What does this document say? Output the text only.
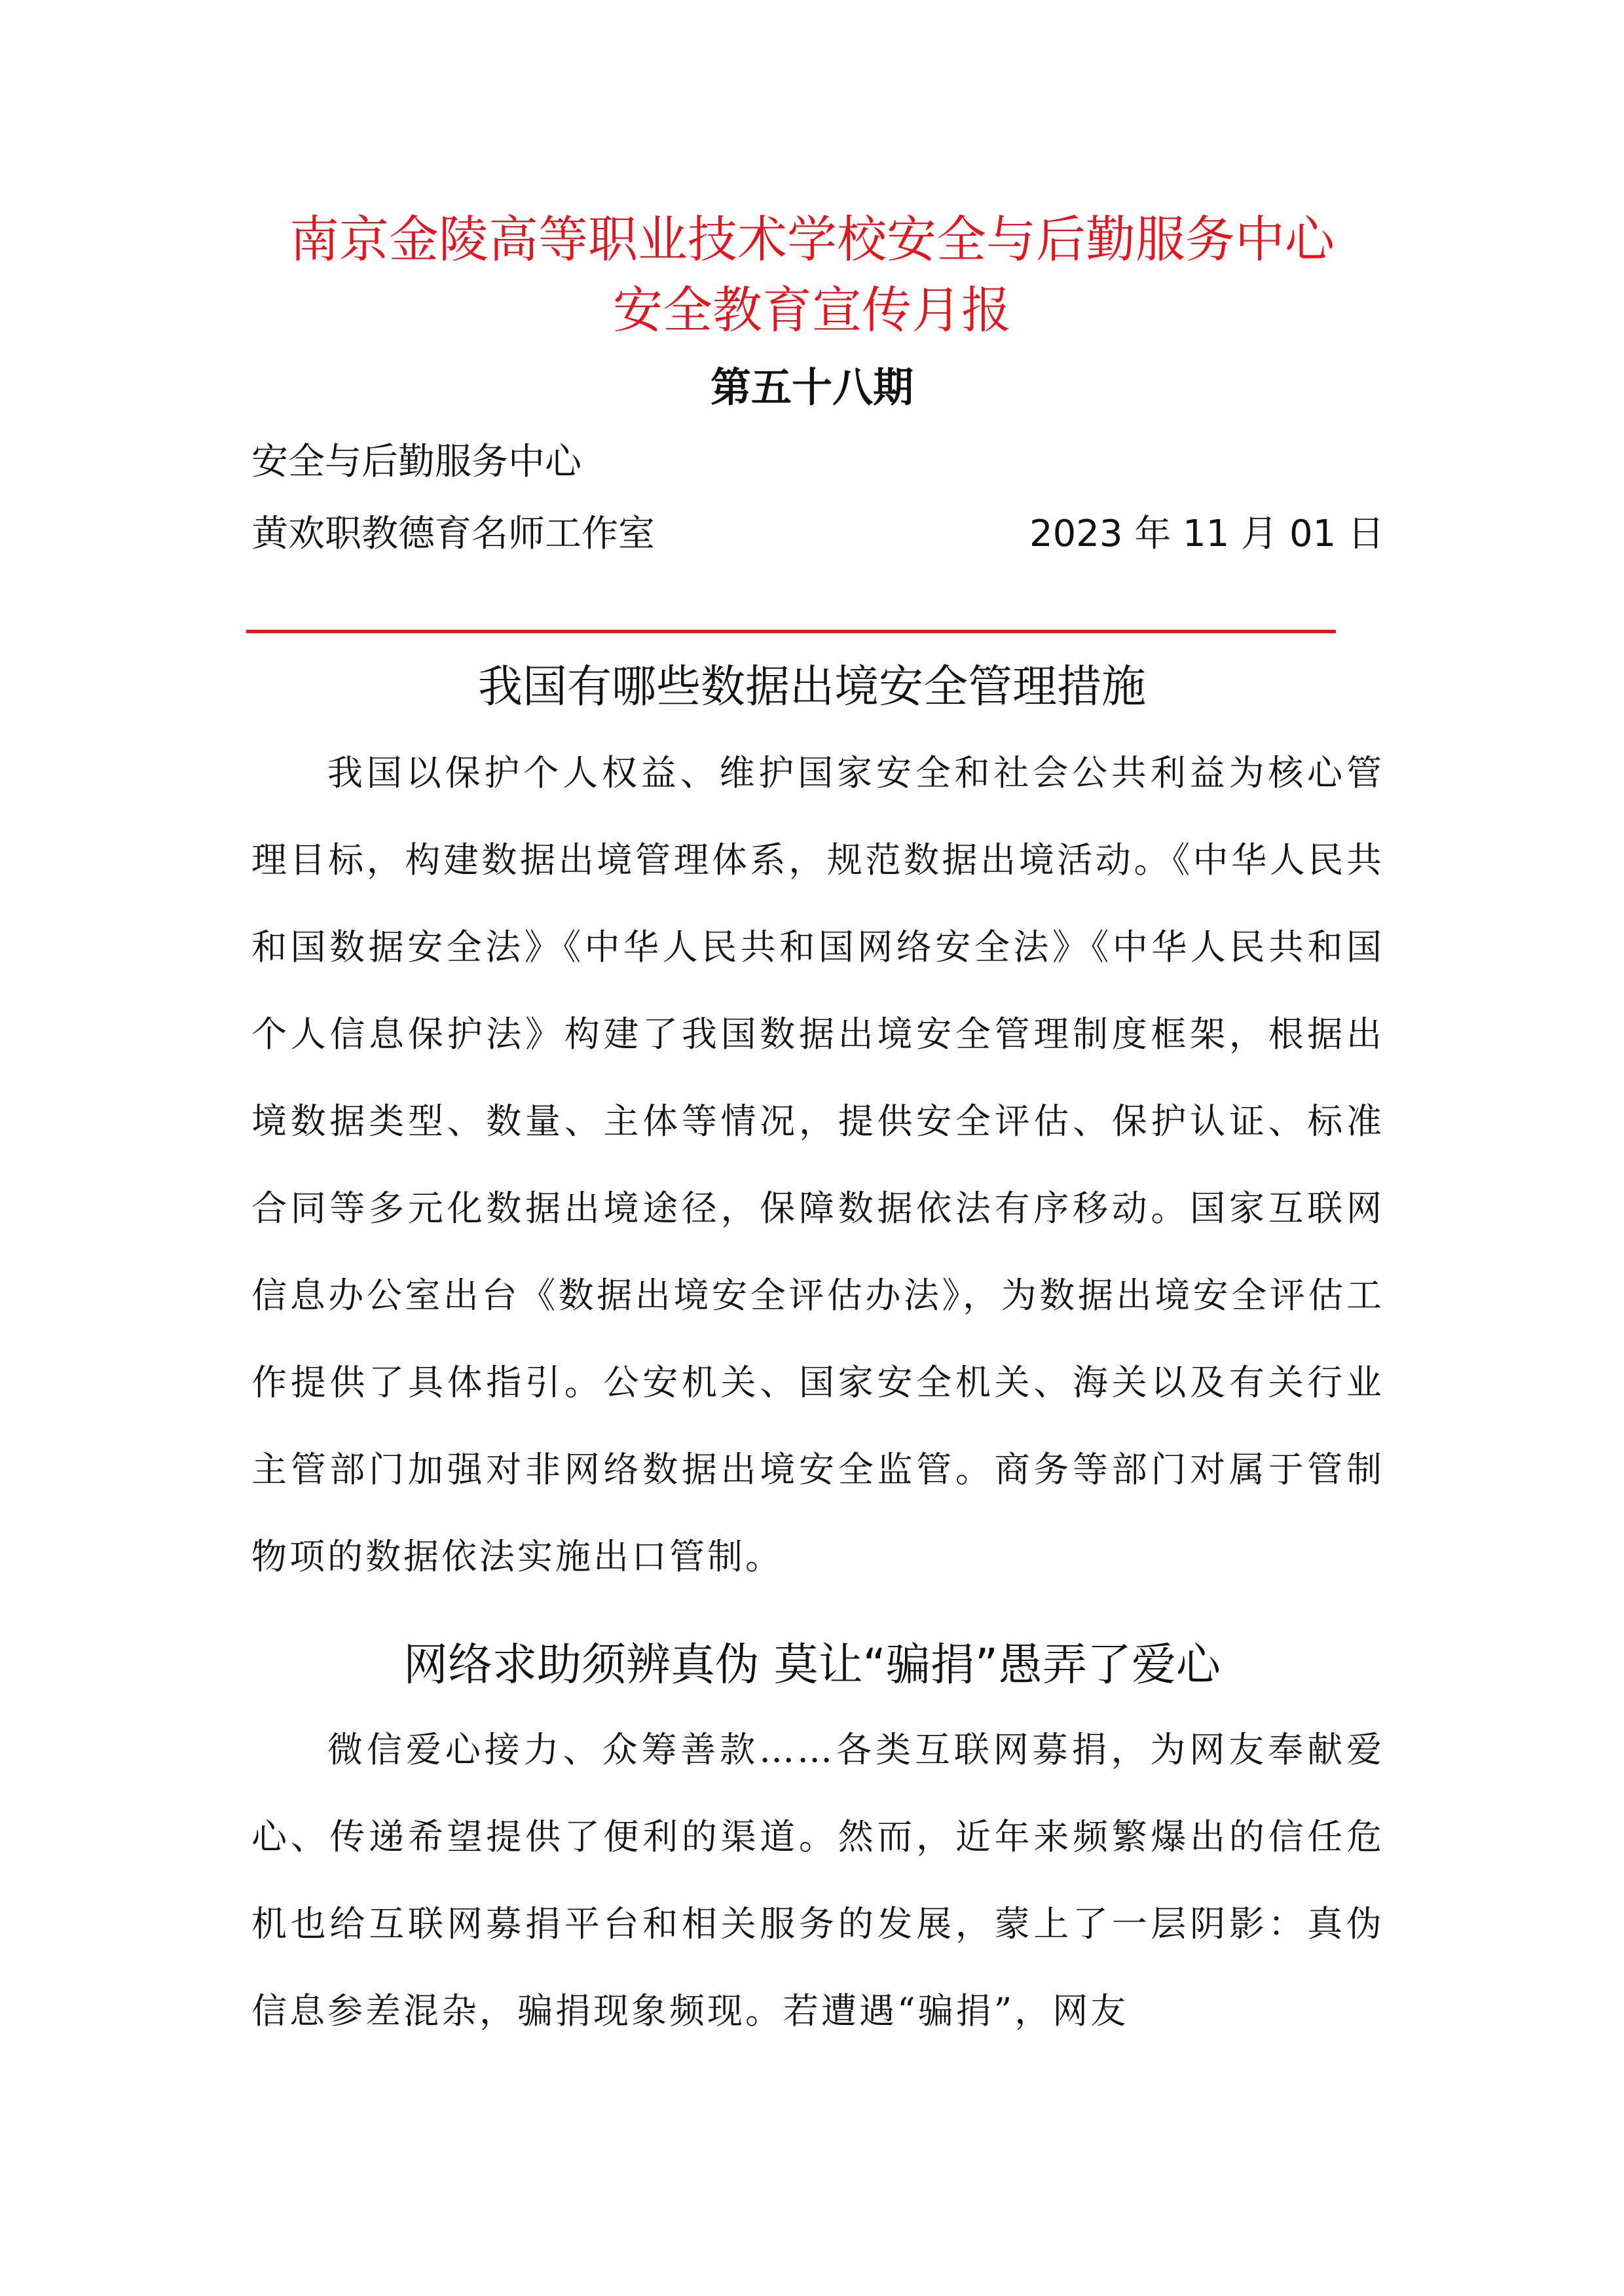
南京金陵高等职业技术学校安全与后勤服务中心
安全教育宣传月报
第五十八期
安全与后勤服务中心
黄欢职教德育名师工作室	2023 年 11 月 01 日
我国有哪些数据出境安全管理措施
我国以保护个人权益、维护国家安全和社会公共利益为核心管理目标，构建数据出境管理体系，规范数据出境活动。《中华人民共和国数据安全法》《中华人民共和国网络安全法》《中华人民共和国个人信息保护法》构建了我国数据出境安全管理制度框架，根据出境数据类型、数量、主体等情况，提供安全评估、保护认证、标准合同等多元化数据出境途径，保障数据依法有序移动。国家互联网信息办公室出台《数据出境安全评估办法》，为数据出境安全评估工作提供了具体指引。公安机关、国家安全机关、海关以及有关行业主管部门加强对非网络数据出境安全监管。商务等部门对属于管制物项的数据依法实施出口管制。
网络求助须辨真伪 莫让“骗捐”愚弄了爱心
微信爱心接力、众筹善款……各类互联网募捐，为网友奉献爱心、传递希望提供了便利的渠道。然而，近年来频繁爆出的信任危机也给互联网募捐平台和相关服务的发展，蒙上了一层阴影：真伪信息参差混杂，骗捐现象频现。若遭遇“骗捐”，网友
